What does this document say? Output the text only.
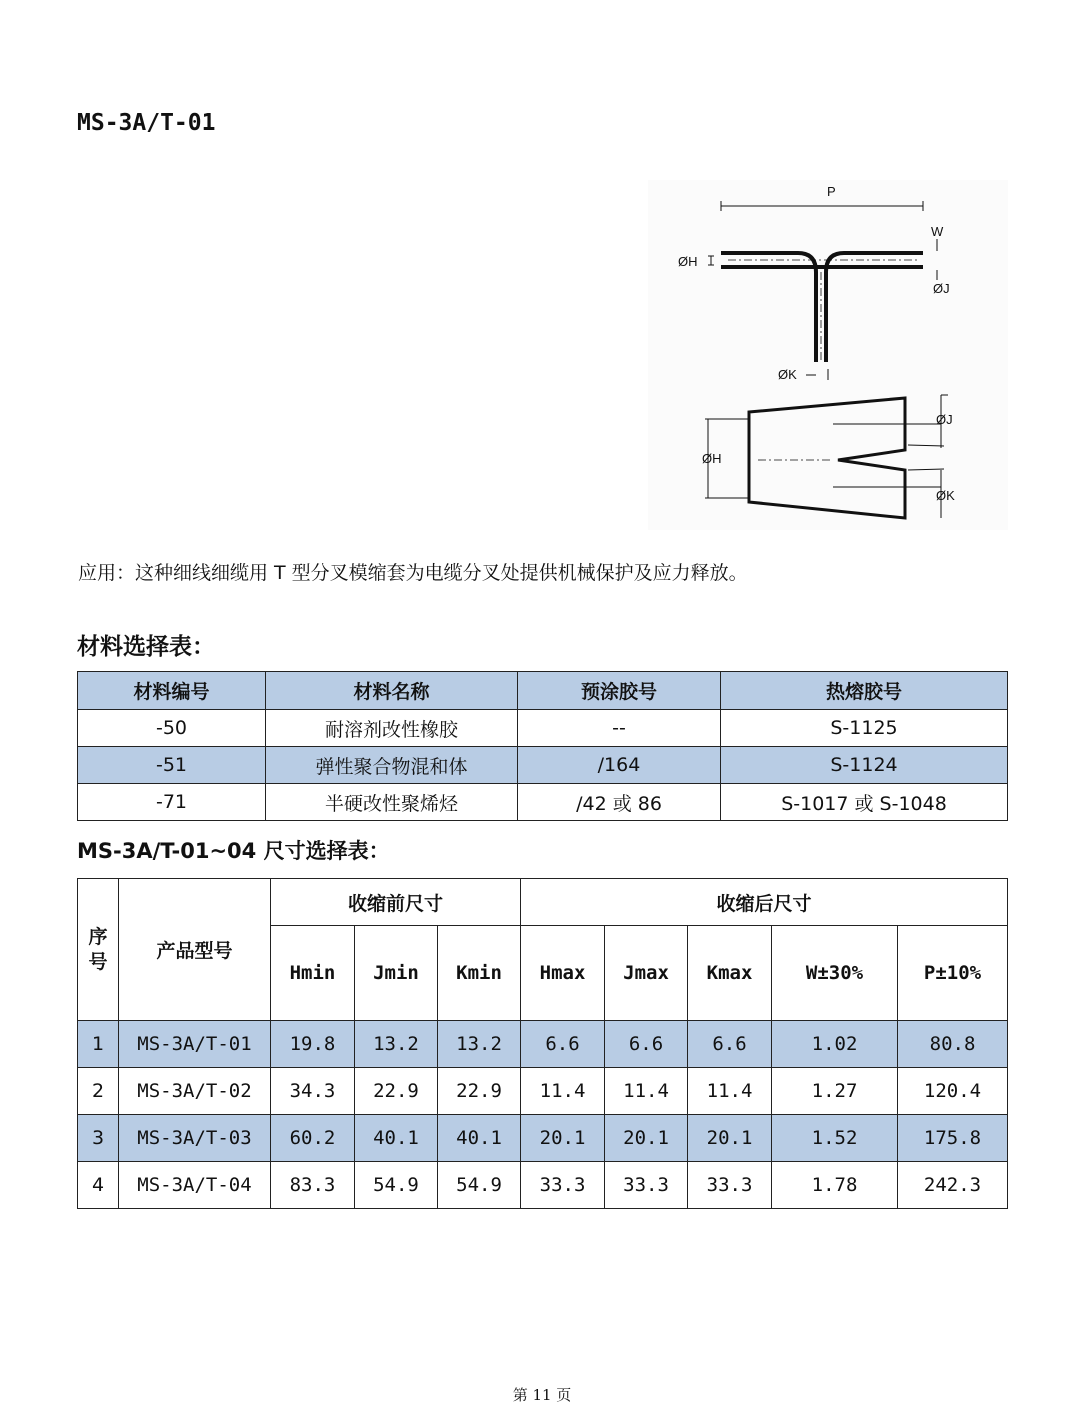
MS-3A/T-01
P
W
ØH
ØJ
ØK
ØH
ØJ
ØK
应用：这种细线细缆用 T 型分叉模缩套为电缆分叉处提供机械保护及应力释放。
材料选择表：
材料编号	材料名称	预涂胶号	热熔胶号
-50	耐溶剂改性橡胶	--	S-1125
-51	弹性聚合物混和体	/164	S-1124
-71	半硬改性聚烯烃	/42 或 86	S-1017 或 S-1048
MS-3A/T-01~04 尺寸选择表：
序号	产品型号	收缩前尺寸			收缩后尺寸				
		Hmin	Jmin	Kmin	Hmax	Jmax	Kmax	W±30%	P±10%
1	MS-3A/T-01	19.8	13.2	13.2	6.6	6.6	6.6	1.02	80.8
2	MS-3A/T-02	34.3	22.9	22.9	11.4	11.4	11.4	1.27	120.4
3	MS-3A/T-03	60.2	40.1	40.1	20.1	20.1	20.1	1.52	175.8
4	MS-3A/T-04	83.3	54.9	54.9	33.3	33.3	33.3	1.78	242.3
第 11 页
